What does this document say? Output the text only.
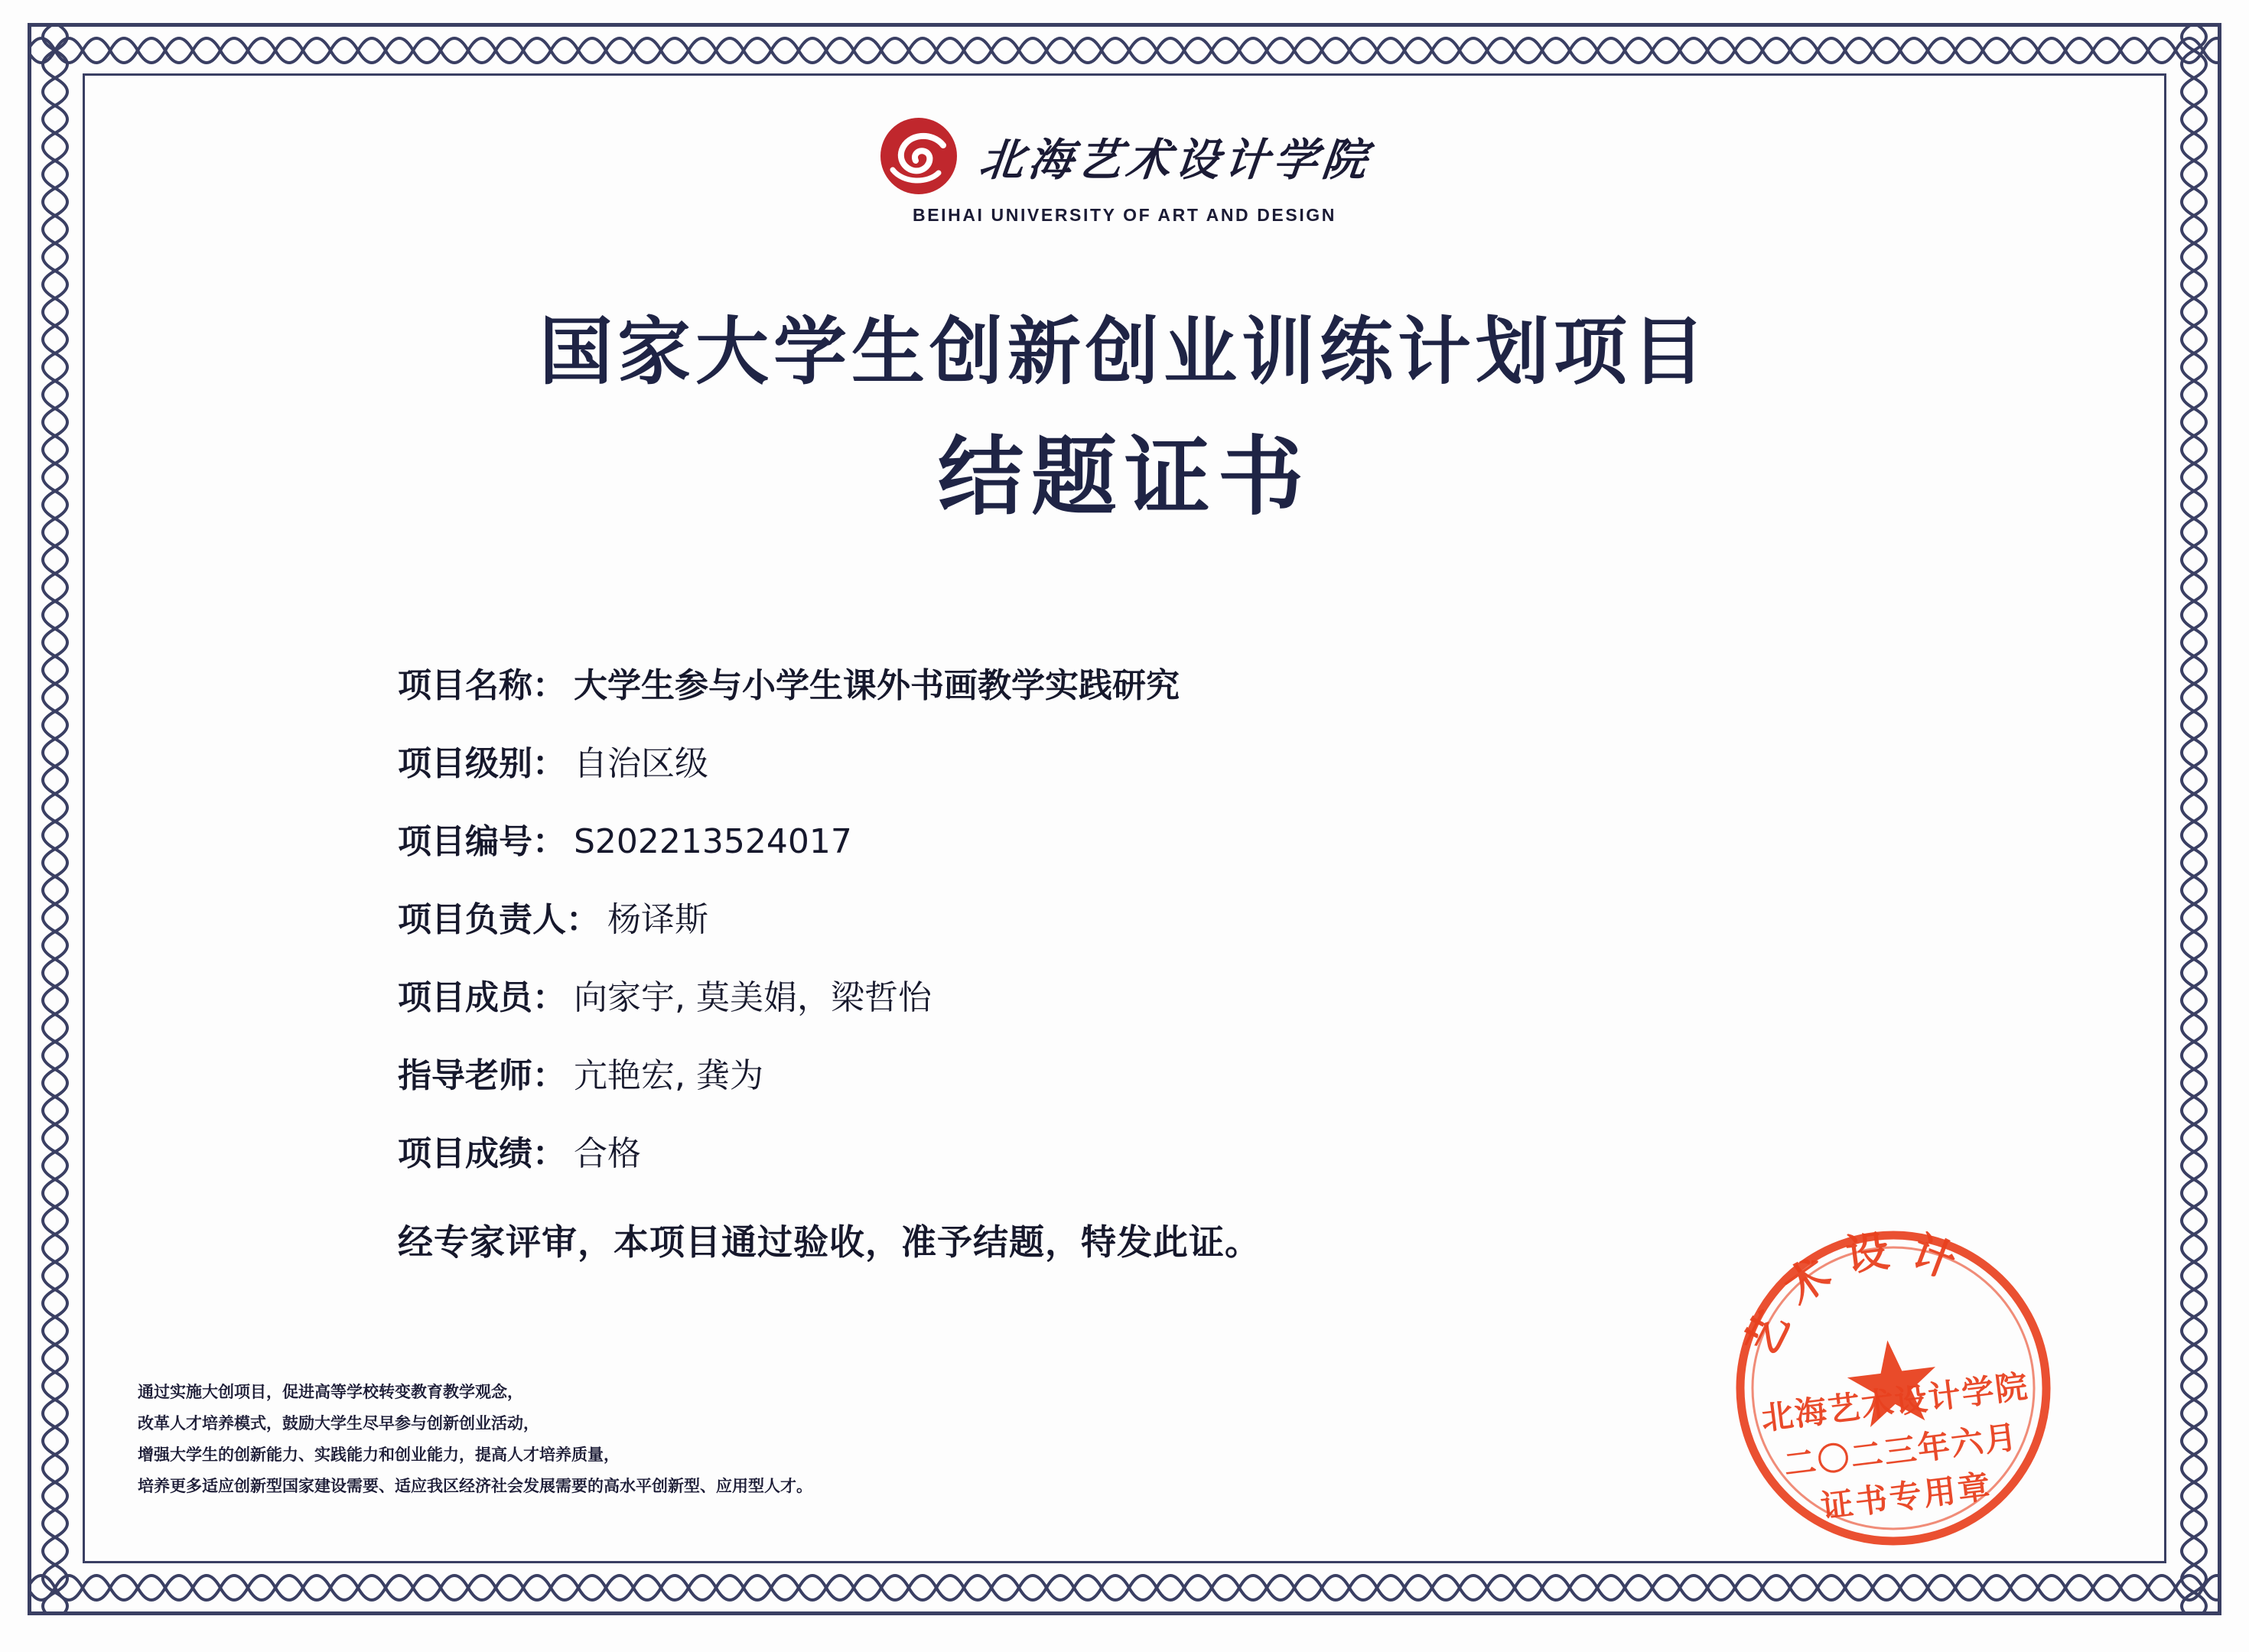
北海艺术设计学院
BEIHAI UNIVERSITY OF ART AND DESIGN
国家大学生创新创业训练计划项目
结题证书
项目名称： 大学生参与小学生课外书画教学实践研究
项目级别： 自治区级
项目编号： S202213524017
项目负责人： 杨译斯
项目成员： 向家宇, 莫美娟，梁哲怡
指导老师： 亢艳宏, 龚为
项目成绩： 合格
经专家评审，本项目通过验收，准予结题，特发此证。
通过实施大创项目，促进高等学校转变教育教学观念，
改革人才培养模式，鼓励大学生尽早参与创新创业活动，
增强大学生的创新能力、实践能力和创业能力，提高人才培养质量，
培养更多适应创新型国家建设需要、适应我区经济社会发展需要的高水平创新型、应用型人才。
艺术设计
北海艺术设计学院
二〇二三年六月
证书专用章
